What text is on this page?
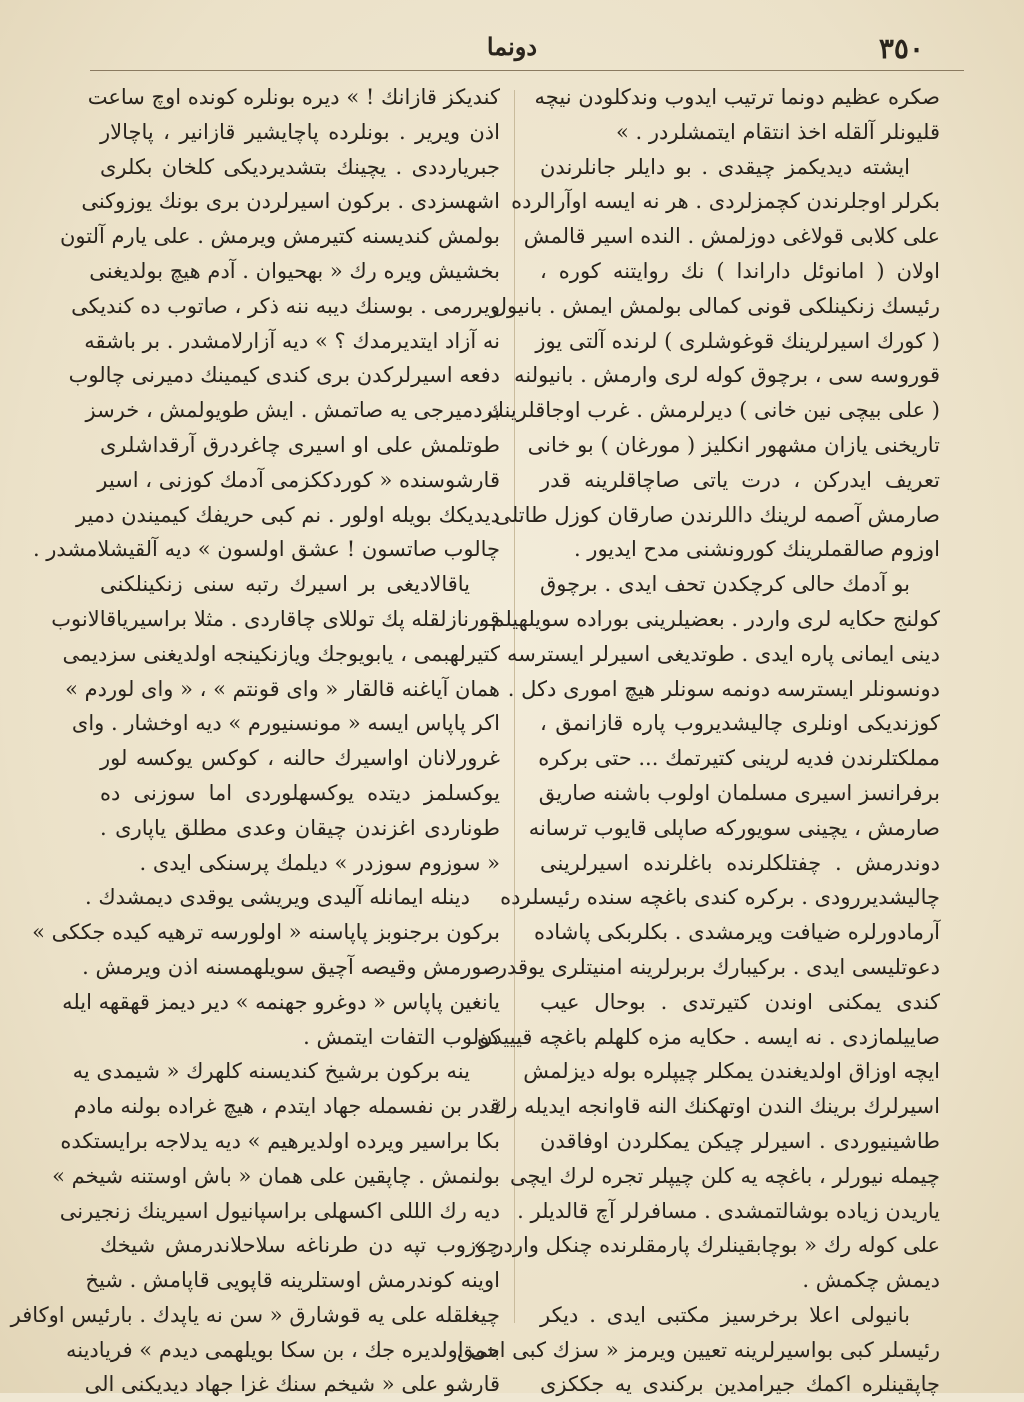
٣٥٠
دونما
صكره عظيم دونما ترتيب ايدوب وندكلودن نيچه
قليونلر آلقله اخذ انتقام ايتمشلردر . »
ايشته ديديكمز چيقدى . بو دايلر جانلرندن
بكرلر اوجلرندن كچمزلردى . هر نه ايسه اوآرالرده
على كلابى قولاغى دوزلمش . النده اسير قالمش
اولان ( امانوئل داراندا ) نك روايتنه كوره ،
رئيسك زنكينلكى قونى كمالى بولمش ايمش . بانيول
( كورك اسيرلرينك قوغوشلرى ) لرنده آلتى يوز
قوروسه سى ، برچوق كوله لرى وارمش . بانيولنه
( على بيچى نين خانى ) ديرلرمش . غرب اوجاقلرينك
تاريخنى يازان مشهور انكليز ( مورغان ) بو خانى
تعريف ايدركن ، درت ياتى صاچاقلرينه قدر
صارمش آصمه لرينك داللرندن صارقان كوزل طاتلى
اوزوم صالقملرينك كورونشنى مدح ايديور .
بو آدمك حالى كرچكدن تحف ايدى . برچوق
كولنج حكايه لرى واردر . بعضيلرينى بوراده سويلهيلم .
دينى ايمانى پاره ايدى . طوتديغى اسيرلر ايسترسه
دونسونلر ايسترسه دونمه سونلر هيچ امورى دكل .
كوزنديكى اونلرى چاليشديروب پاره قازانمق ،
مملكتلرندن فديه لرينى كتيرتمك ... حتى بركره
برفرانسز اسيرى مسلمان اولوب باشنه صاريق
صارمش ، يچينى سويوركه صاپلى قايوب ترسانه
دوندرمش . چفتلكلرنده باغلرنده اسيرلرينى
چاليشديررودى . بركره كندى باغچه سنده رئيسلرده
آرمادورلره ضيافت ويرمشدى . بكلربكى پاشاده
دعوتليسى ايدى . بركيبارك بربرلرينه امنيتلرى يوقدر .
كندى يمكنى اوندن كتيرتدى . بوحال عيب
صاييلمازدى . نه ايسه . حكايه مزه كلهلم باغچه قيييدن
ايچه اوزاق اولديغندن يمكلر چيپلره بوله ديزلمش
اسيرلرك برينك الندن اوتهكنك النه قاوانجه ايديله رك
طاشينيوردى . اسيرلر چيكن يمكلردن اوفاقدن
چيمله نيورلر ، باغچه يه كلن چيپلر تجره لرك ايچى
ياريدن زياده بوشالتمشدى . مسافرلر آچ قالديلر .
على كوله رك « بوچابقينلرك پارمقلرنده چنكل واردر »
ديمش چكمش .
بانيولى اعلا برخرسيز مكتبى ايدى . ديكر
رئيسلر كبى بواسيرلرينه تعيين ويرمز « سزك كبى احمق
چاپقينلره اكمك جيرامدين بركندى يه جككزى
كنديكز قازانك ! » ديره بونلره كونده اوچ ساعت
اذن ويرير . بونلرده پاچايشير قازانير ، پاچالار
جبريارددى . يچينك بتشديرديكى كلخان بكلرى
اشهسزدى . بركون اسيرلردن برى بونك يوزوكنى
بولمش كنديسنه كتيرمش ويرمش . على يارم آلتون
بخشيش ويره رك « بهحيوان . آدم هيچ بولديغنى
ويررمى . بوسنك ديبه ننه ذكر ، صاتوب ده كنديكى
نه آزاد ايتديرمدك ؟ » ديه آزارلامشدر . بر باشقه
دفعه اسيرلركدن برى كندى كيمينك دميرنى چالوب
بردميرجى يه صاتمش . ايش طويولمش ، خرسز
طوتلمش على او اسيرى چاغردرق آرقداشلرى
قارشوسنده « كوردككزمى آدمك كوزنى ، اسير
ديديكك بويله اولور . نم كبى حريفك كيميندن دمير
چالوب صاتسون ! عشق اولسون » ديه آلقيشلامشدر .
ياقالاديغى بر اسيرك رتبه سنى زنكينلكنى
قورنازلقله پك توللاى چاقاردى . مثلا براسيرياقالانوب
كتيرلهبمى ، يابويوجك ويازنكينجه اولديغنى سزديمى
همان آياغنه قالقار « واى قونتم » ، « واى لوردم »
اكر پاپاس ايسه « مونسنيورم » ديه اوخشار . واى
غرورلانان اواسيرك حالنه ، كوكس يوكسه لور
يوكسلمز ديتده يوكسهلوردى اما سوزنى ده
طوناردى اغزندن چيقان وعدى مطلق ياپارى .
« سوزوم سوزدر » ديلمك پرسنكى ايدى .
دينله ايمانله آليدى ويريشى يوقدى ديمشدك .
بركون برجنوبز پاپاسنه « اولورسه ترهيه كيده جككى »
صورمش وقيصه آچيق سويلهمسنه اذن ويرمش .
يانغين پاپاس « دوغرو جهنمه » دير ديمز قهقهه ايله
كولوب التفات ايتمش .
ينه بركون برشيخ كنديسنه كلهرك « شيمدى يه
قدر بن نفسمله جهاد ايتدم ، هيچ غراده بولنه مادم
بكا براسير ويرده اولديرهيم » ديه يدلاجه برايستكده
بولنمش . چاپقين على همان « باش اوستنه شيخم »
ديه رك الللى اكسهلى براسپانيول اسيرينك زنجيرنى
چوزوب تپه دن طرناغه سلاحلاندرمش شيخك
اوينه كوندرمش اوستلرينه قاپويى قاپامش . شيخ
چيغلقله على يه قوشارق « سن نه ياپدك . بارئيس اوكافر
بنى اولديره جك ، بن سكا بويلهمى ديدم » فريادينه
قارشو على « شيخم سنك غزا جهاد ديديكنى الى
